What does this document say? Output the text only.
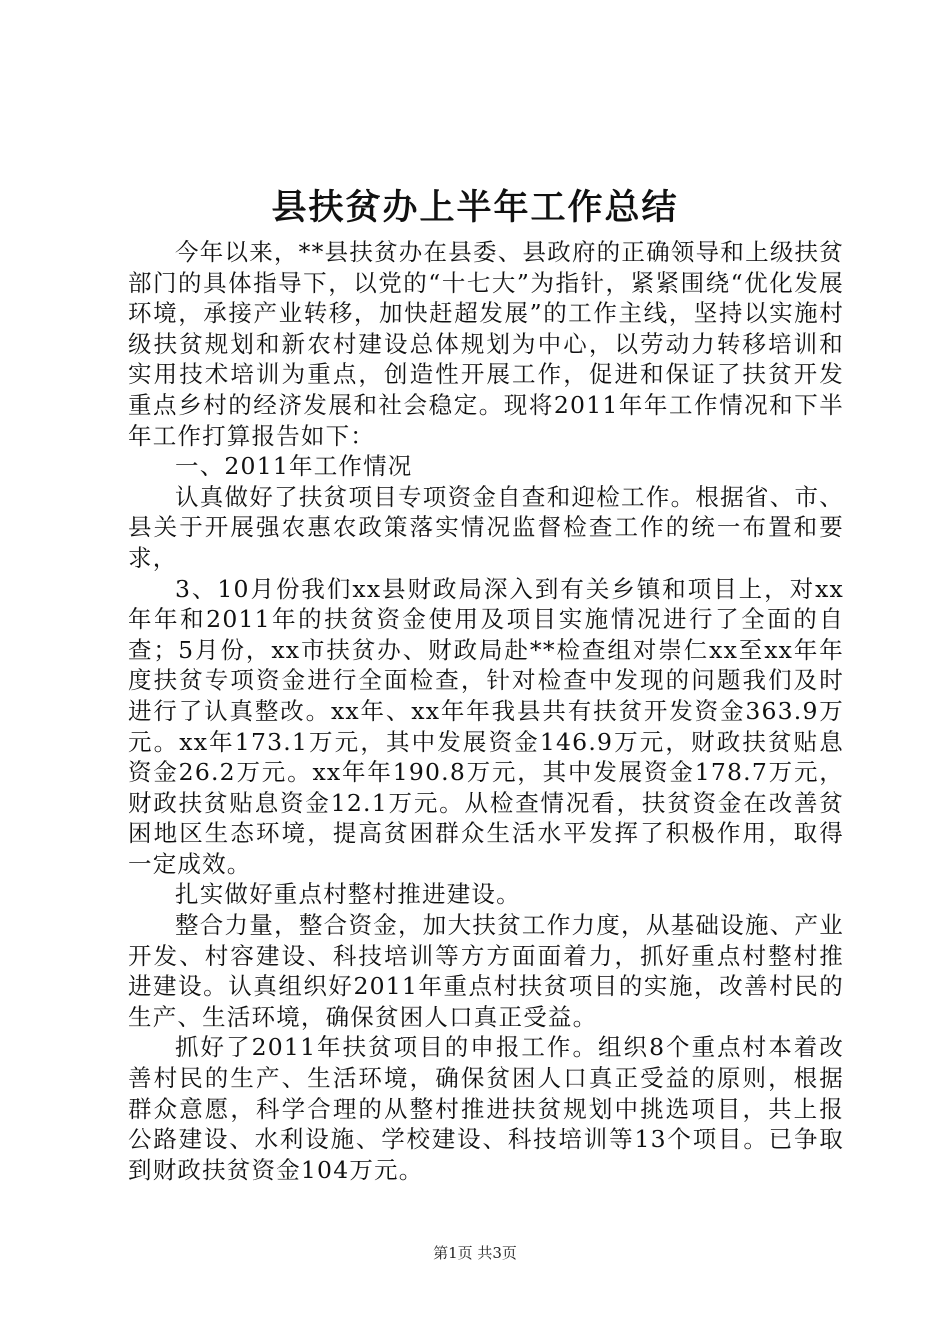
县扶贫办上半年工作总结

今年以来，**县扶贫办在县委、县政府的正确领导和上级扶贫部门的具体指导下，以党的“十七大”为指针，紧紧围绕“优化发展环境，承接产业转移，加快赶超发展”的工作主线，坚持以实施村级扶贫规划和新农村建设总体规划为中心，以劳动力转移培训和实用技术培训为重点，创造性开展工作，促进和保证了扶贫开发重点乡村的经济发展和社会稳定。现将2011年年工作情况和下半年工作打算报告如下：

一、2011年工作情况

认真做好了扶贫项目专项资金自查和迎检工作。根据省、市、县关于开展强农惠农政策落实情况监督检查工作的统一布置和要求，

3、10月份我们xx县财政局深入到有关乡镇和项目上，对xx年年和2011年的扶贫资金使用及项目实施情况进行了全面的自查；5月份，xx市扶贫办、财政局赴**检查组对崇仁xx至xx年年度扶贫专项资金进行全面检查，针对检查中发现的问题我们及时进行了认真整改。xx年、xx年年我县共有扶贫开发资金363.9万元。xx年173.1万元，其中发展资金146.9万元，财政扶贫贴息资金26.2万元。xx年年190.8万元，其中发展资金178.7万元，财政扶贫贴息资金12.1万元。从检查情况看，扶贫资金在改善贫困地区生态环境，提高贫困群众生活水平发挥了积极作用，取得一定成效。

扎实做好重点村整村推进建设。

整合力量，整合资金，加大扶贫工作力度，从基础设施、产业开发、村容建设、科技培训等方方面面着力，抓好重点村整村推进建设。认真组织好2011年重点村扶贫项目的实施，改善村民的生产、生活环境，确保贫困人口真正受益。

抓好了2011年扶贫项目的申报工作。组织8个重点村本着改善村民的生产、生活环境，确保贫困人口真正受益的原则，根据群众意愿，科学合理的从整村推进扶贫规划中挑选项目，共上报公路建设、水利设施、学校建设、科技培训等13个项目。已争取到财政扶贫资金104万元。

第1页 共3页
